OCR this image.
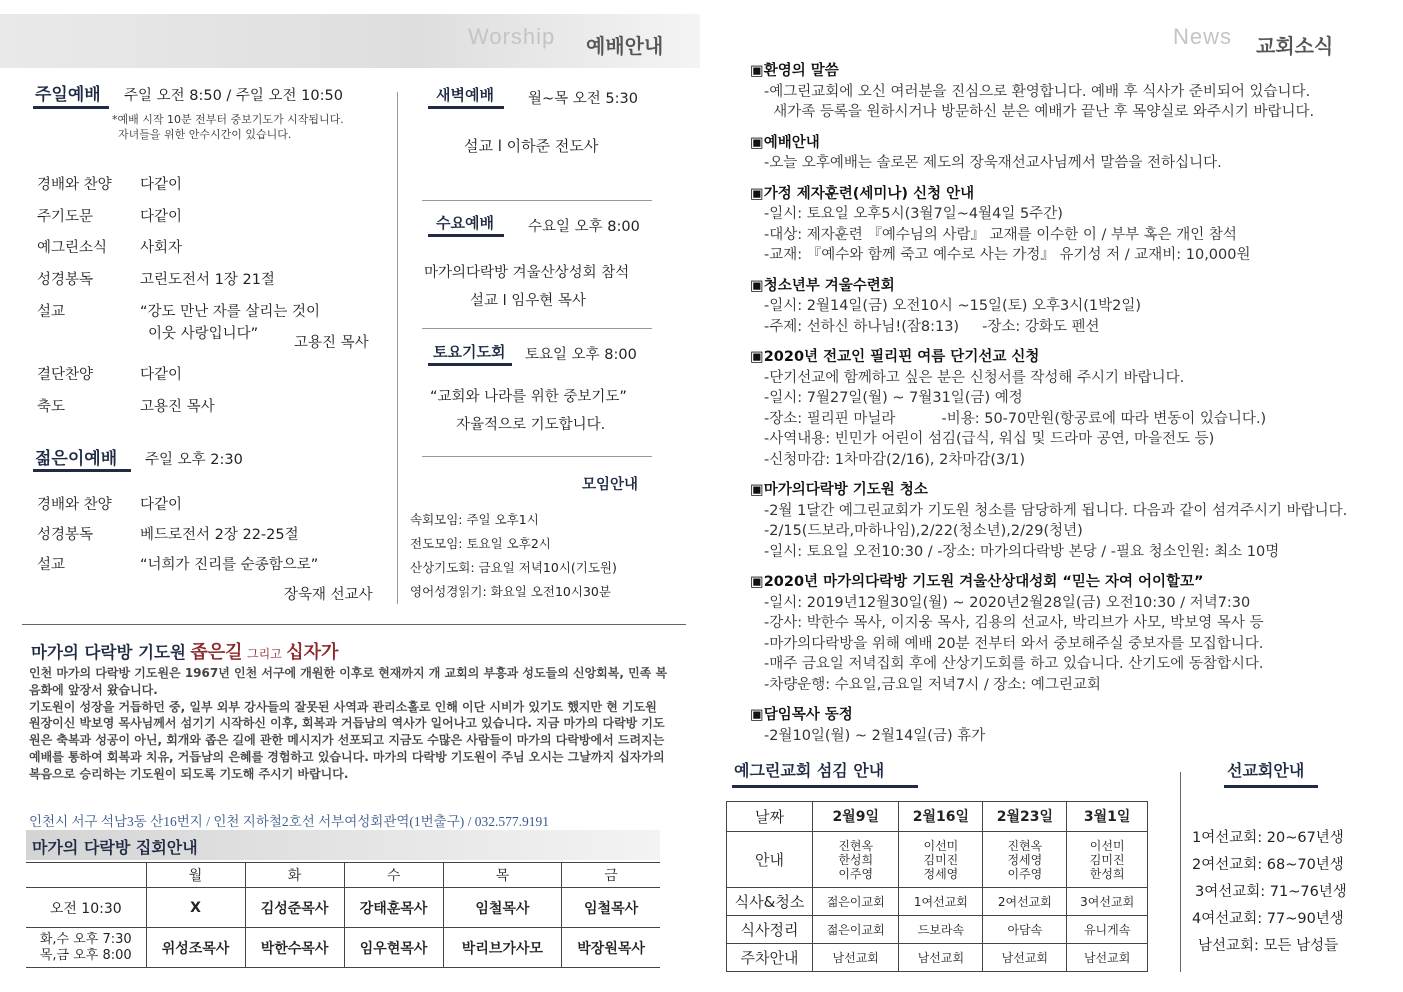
Worship 예배안내	News 교회소식
주일예배 주일 오전 8:50 / 주일 오전 10:50
*예배 시작 10분 전부터 중보기도가 시작됩니다.
자녀들을 위한 안수시간이 있습니다.
경배와 찬양 다같이
주기도문	다같이
예그린소식 사회자
성경봉독	고린도전서 1장 21절
설교	“강도 만난 자를 살리는 것이
이웃 사랑입니다”
고용진 목사
결단찬양	다같이
축도	고용진 목사
젊은이예배 주일 오후 2:30
경배와 찬양 다같이
성경봉독	베드로전서 2장 22-25절
설교	“너희가 진리를 순종함으로”
장욱재 선교사
새벽예배 월~목 오전 5:30
설교 l 이하준 전도사
수요예배 수요일 오후 8:00
마가의다락방 겨울산상성회 참석
설교 l 임우현 목사
토요기도회 토요일 오후 8:00
“교회와 나라를 위한 중보기도”
자율적으로 기도합니다.
모임안내
속회모임: 주일 오후1시
전도모임: 토요일 오후2시
산상기도회: 금요일 저녁10시(기도원)
영어성경읽기: 화요일 오전10시30분
마가의 다락방 기도원 좁은길 그리고 십자가
인천 마가의 다락방 기도원은 1967년 인천 서구에 개원한 이후로 현재까지 개 교회의 부흥과 성도들의 신앙회복, 민족 복음화에 앞장서 왔습니다.
기도원이 성장을 거듭하던 중, 일부 외부 강사들의 잘못된 사역과 관리소홀로 인해 이단 시비가 있기도 했지만 현 기도원 원장이신 박보영 목사님께서 섬기기 시작하신 이후, 회복과 거듭남의 역사가 일어나고 있습니다. 지금 마가의 다락방 기도원은 축복과 성공이 아닌, 회개와 좁은 길에 관한 메시지가 선포되고 지금도 수많은 사람들이 마가의 다락방에서 드려지는 예배를 통하여 회복과 치유, 거듭남의 은혜를 경험하고 있습니다. 마가의 다락방 기도원이 주님 오시는 그날까지 십자가의 복음으로 승리하는 기도원이 되도록 기도해 주시기 바랍니다.
인천시 서구 석남3동 산16번지 / 인천 지하철2호선 서부여성회관역(1번출구) / 032.577.9191
마가의 다락방 집회안내
	월	화	수	목	금
오전 10:30	X	김성준목사	강태훈목사	임철목사	임철목사

화,수 오후 7:30
목,금 오후 8:00	위성조목사	박한수목사	임우현목사	박리브가사모	박장원목사
▣환영의 말씀
-예그린교회에 오신 여러분을 진심으로 환영합니다. 예배 후 식사가 준비되어 있습니다.
새가족 등록을 원하시거나 방문하신 분은 예배가 끝난 후 목양실로 와주시기 바랍니다.
▣예배안내
-오늘 오후예배는 솔로몬 제도의 장욱재선교사님께서 말씀을 전하십니다.
▣가정 제자훈련(세미나) 신청 안내
-일시: 토요일 오후5시(3월7일~4월4일 5주간)
-대상: 제자훈련 『예수님의 사람』 교재를 이수한 이 / 부부 혹은 개인 참석
-교재: 『예수와 함께 죽고 예수로 사는 가정』 유기성 저 / 교재비: 10,000원
▣청소년부 겨울수련회
-일시: 2월14일(금) 오전10시 ~15일(토) 오후3시(1박2일)
-주제: 선하신 하나님!(잠8:13)     -장소: 강화도 펜션
▣2020년 전교인 필리핀 여름 단기선교 신청
-단기선교에 함께하고 싶은 분은 신청서를 작성해 주시기 바랍니다.
-일시: 7월27일(월) ~ 7월31일(금) 예정
-장소: 필리핀 마닐라          -비용: 50-70만원(항공료에 따라 변동이 있습니다.)
-사역내용: 빈민가 어린이 섬김(급식, 워십 및 드라마 공연, 마을전도 등)
-신청마감: 1차마감(2/16), 2차마감(3/1)
▣마가의다락방 기도원 청소
-2월 1달간 예그린교회가 기도원 청소를 담당하게 됩니다. 다음과 같이 섬겨주시기 바랍니다.
-2/15(드보라,마하나임),2/22(청소년),2/29(청년)
-일시: 토요일 오전10:30 / -장소: 마가의다락방 본당 / -필요 청소인원: 최소 10명
▣2020년 마가의다락방 기도원 겨울산상대성회 “믿는 자여 어이할꼬”
-일시: 2019년12월30일(월) ~ 2020년2월28일(금) 오전10:30 / 저녁7:30
-강사: 박한수 목사, 이지웅 목사, 김용의 선교사, 박리브가 사모, 박보영 목사 등
-마가의다락방을 위해 예배 20분 전부터 와서 중보해주실 중보자를 모집합니다.
-매주 금요일 저녁집회 후에 산상기도회를 하고 있습니다. 산기도에 동참합시다.
-차량운행: 수요일,금요일 저녁7시 / 장소: 예그린교회
▣담임목사 동정
-2월10일(월) ~ 2월14일(금) 휴가
예그린교회 섬김 안내
날짜	2월9일	2월16일	2월23일	3월1일
안내	진현옥
한성희
이주영	이선미
김미진
정세영	진현옥
정세영
이주영	이선미
김미진
한성희
식사&청소	젊은이교회	1여선교회	2여선교회	3여선교회
식사정리	젊은이교회	드보라속	아담속	유니게속
주차안내	남선교회	남선교회	남선교회	남선교회
선교회안내
1여선교회: 20~67년생
2여선교회: 68~70년생
3여선교회: 71~76년생
4여선교회: 77~90년생
남선교회: 모든 남성들
